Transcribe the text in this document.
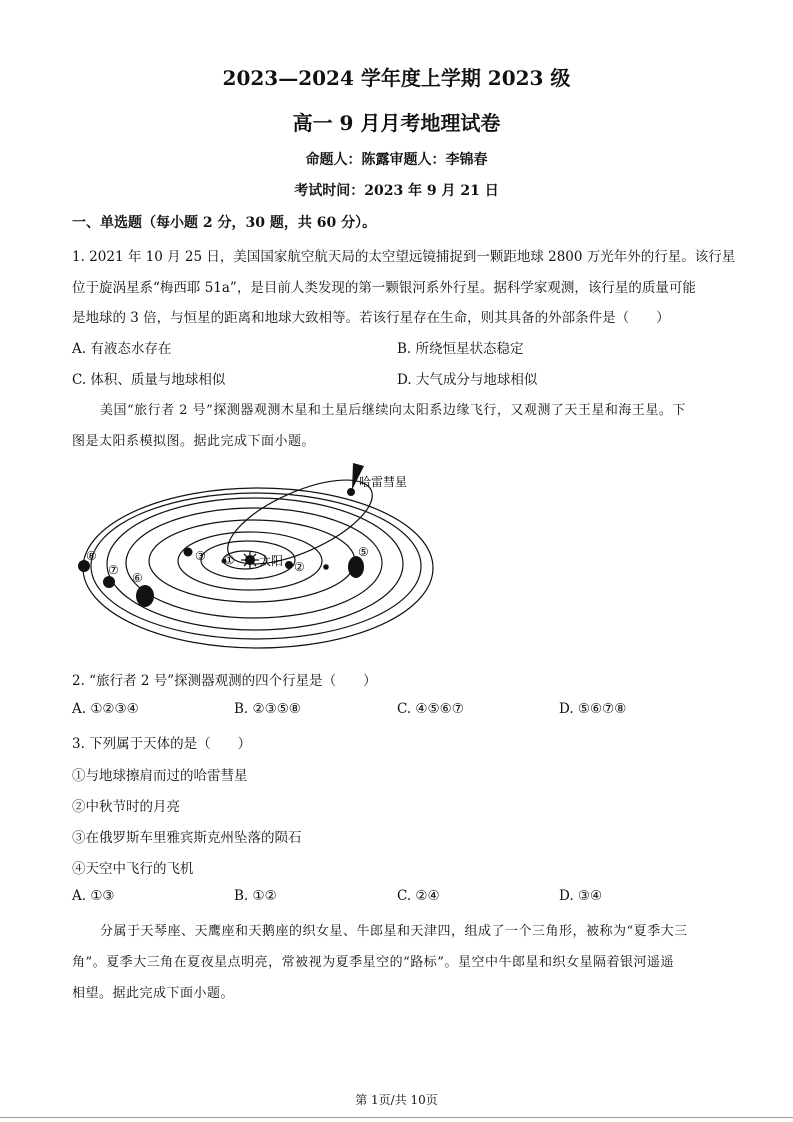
2023—2024 学年度上学期 2023 级
高一 9 月月考地理试卷
命题人：陈露审题人：李锦春
考试时间：2023 年 9 月 21 日
一、单选题（每小题 2 分，30 题，共 60 分）。
1. 2021 年 10 月 25 日，美国国家航空航天局的太空望远镜捕捉到一颗距地球 2800 万光年外的行星。该行星
位于旋涡星系“梅西耶 51a”，是目前人类发现的第一颗银河系外行星。据科学家观测，该行星的质量可能
是地球的 3 倍，与恒星的距离和地球大致相等。若该行星存在生命，则其具备的外部条件是（　　）
A. 有液态水存在	B. 所绕恒星状态稳定
C. 体积、质量与地球相似	D. 大气成分与地球相似
美国“旅行者 2 号”探测器观测木星和土星后继续向太阳系边缘飞行，又观测了天王星和海王星。下
图是太阳系模拟图。据此完成下面小题。
太阳
①	②
③	⑤
⑥
⑦
⑧
哈雷彗星
2. “旅行者 2 号”探测器观测的四个行星是（　　）
A. ①②③④	B. ②③⑤⑧	C. ④⑤⑥⑦	D. ⑤⑥⑦⑧
3. 下列属于天体的是（　　）
①与地球擦肩而过的哈雷彗星
②中秋节时的月亮
③在俄罗斯车里雅宾斯克州坠落的陨石
④天空中飞行的飞机
A. ①③	B. ①②	C. ②④	D. ③④
分属于天琴座、天鹰座和天鹅座的织女星、牛郎星和天津四，组成了一个三角形，被称为“夏季大三
角”。夏季大三角在夏夜星点明亮，常被视为夏季星空的“路标”。星空中牛郎星和织女星隔着银河遥遥
相望。据此完成下面小题。
第 1页/共 10页
